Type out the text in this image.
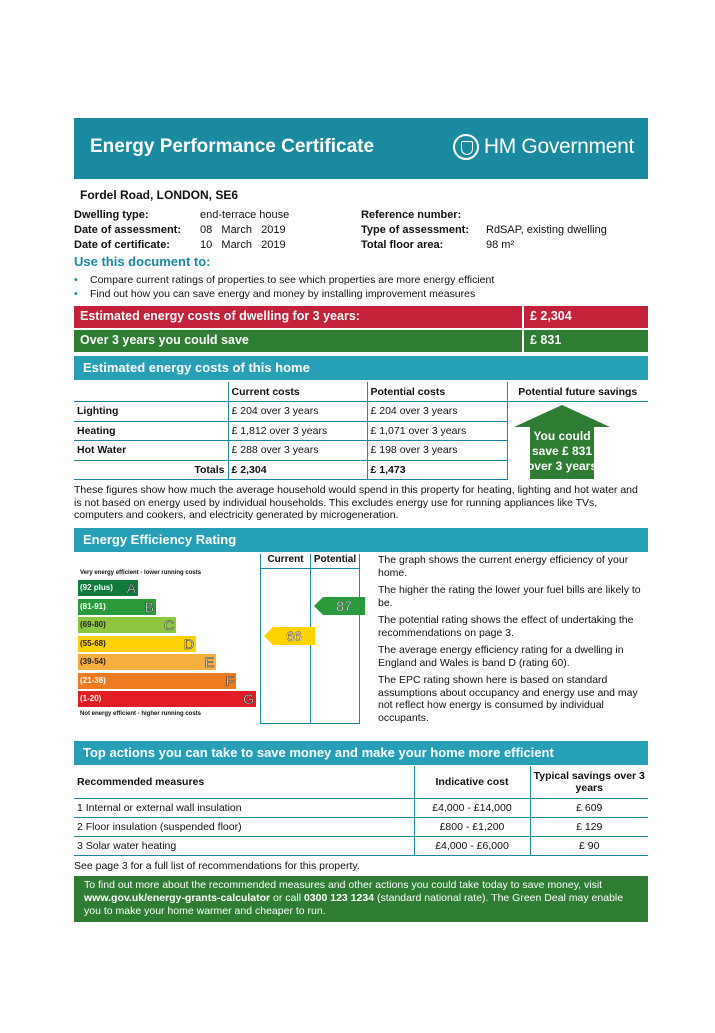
Energy Performance Certificate	HM Government
Fordel Road, LONDON, SE6
Dwelling type:	end-terrace house
Date of assessment:	08   March   2019
Date of certificate:	10   March   2019
Reference number:
Type of assessment:	RdSAP, existing dwelling
Total floor area:	98 m²
Use this document to:
•	Compare current ratings of properties to see which properties are more energy efficient
•	Find out how you can save energy and money by installing improvement measures
Estimated energy costs of dwelling for 3 years:	£ 2,304
Over 3 years you could save	£ 831
Estimated energy costs of this home
	Current costs	Potential costs	Potential future savings
Lighting	£ 204 over 3 years	£ 204 over 3 years	
Heating	£ 1,812 over 3 years	£ 1,071 over 3 years	
Hot Water	£ 288 over 3 years	£ 198 over 3 years	
Totals	£ 2,304	£ 1,473	
You could
save £ 831
over 3 years
These figures show how much the average household would spend in this property for heating, lighting and hot water and is not based on energy used by individual households. This excludes energy use for running appliances like TVs, computers and cookers, and electricity generated by microgeneration.
Energy Efficiency Rating
Current	Potential
Very energy efficient - lower running costs
(92 plus) A
(81-91)	B
(69-80)	C
(55-68)	D
(39-54)	E
(21-38)	F
(1-20)	G
Not energy efficient - higher running costs
66
87

The graph shows the current energy efficiency of your home.

The higher the rating the lower your fuel bills are likely to be.

The potential rating shows the effect of undertaking the recommendations on page 3.

The average energy efficiency rating for a dwelling in England and Wales is band D (rating 60).

The EPC rating shown here is based on standard assumptions about occupancy and energy use and may not reflect how energy is consumed by individual occupants.

Top actions you can take to save money and make your home more efficient
Recommended measures	Indicative cost	Typical savings over 3 years
1 Internal or external wall insulation	£4,000 - £14,000	£ 609
2 Floor insulation (suspended floor)	£800 - £1,200	£ 129
3 Solar water heating	£4,000 - £6,000	£ 90
See page 3 for a full list of recommendations for this property.
To find out more about the recommended measures and other actions you could take today to save money, visit www.gov.uk/energy-grants-calculator or call 0300 123 1234 (standard national rate). The Green Deal may enable you to make your home warmer and cheaper to run.
